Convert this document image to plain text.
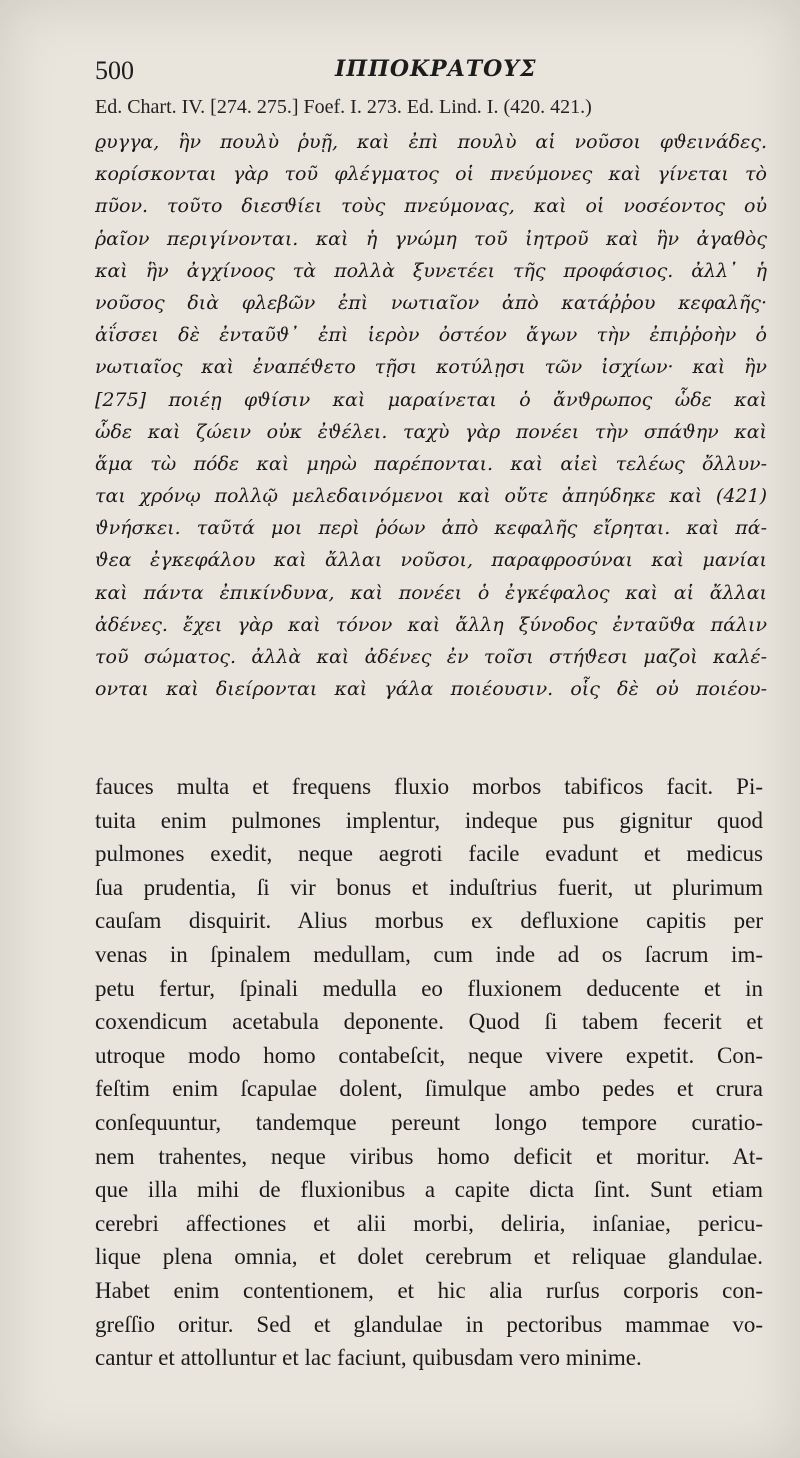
500	ΙΠΠΟΚΡΑΤΟΥΣ
Ed. Chart. IV. [274. 275.] Foef. I. 273. Ed. Lind. I. (420. 421.)
ϱυγγα, ἣν πουλὺ ῥυῇ, καὶ ἐπὶ πουλὺ αἱ νοῦσοι φϑεινάδες.
κορίσκονται γὰρ τοῦ φλέγματος οἱ πνεύμονες καὶ γίνεται τὸ
πῦον. τοῦτο διεσϑίει τοὺς πνεύμονας, καὶ οἱ νοσέοντος οὐ
ῥαῖον περιγίνονται. καὶ ἡ γνώμη τοῦ ἰητροῦ καὶ ἣν ἀγαθὸς
καὶ ἣν ἀγχίνοος τὰ πολλὰ ξυνετέει τῆς προφάσιος. ἀλλ᾿ ἡ
νοῦσος διὰ φλεβῶν ἐπὶ νωτιαῖον ἀπὸ κατάῤῥου κεφαλῆς·
ἀΐσσει δὲ ἐνταῦϑ᾿ ἐπὶ ἱερὸν ὀστέον ἄγων τὴν ἐπιῤῥοὴν ὁ
νωτιαῖος καὶ ἐναπέϑετο τῇσι κοτύλῃσι τῶν ἰσχίων· καὶ ἣν
[275] ποιέῃ φϑίσιν καὶ μαραίνεται ὁ ἄνϑρωπος ὧδε καὶ
ὧδε καὶ ζώειν οὐκ ἐϑέλει. ταχὺ γὰρ πονέει τὴν σπάϑην καὶ
ἅμα τὼ πόδε καὶ μηρὼ παρέπονται. καὶ αἰεὶ τελέως ὄλλυν-
ται χρόνῳ πολλῷ μελεδαινόμενοι καὶ οὔτε ἀπηύδηκε καὶ (421)
ϑνήσκει. ταῦτά μοι περὶ ῥόων ἀπὸ κεφαλῆς εἴρηται. καὶ πά-
ϑεα ἐγκεφάλου καὶ ἄλλαι νοῦσοι, παραφροσύναι καὶ μανίαι
καὶ πάντα ἐπικίνδυνα, καὶ πονέει ὁ ἐγκέφαλος καὶ αἱ ἄλλαι
ἀδένες. ἔχει γὰρ καὶ τόνον καὶ ἄλλη ξύνοδος ἐνταῦϑα πάλιν
τοῦ σώματος. ἀλλὰ καὶ ἀδένες ἐν τοῖσι στήϑεσι μαζοὶ καλέ-
ονται καὶ διείρονται καὶ γάλα ποιέουσιν. οἷς δὲ οὐ ποιέου-
fauces multa et frequens fluxio morbos tabificos facit. Pi-
tuita enim pulmones implentur, indeque pus gignitur quod
pulmones exedit, neque aegroti facile evadunt et medicus
ſua prudentia, ſi vir bonus et induſtrius fuerit, ut plurimum
cauſam disquirit. Alius morbus ex defluxione capitis per
venas in ſpinalem medullam, cum inde ad os ſacrum im-
petu fertur, ſpinali medulla eo fluxionem deducente et in
coxendicum acetabula deponente. Quod ſi tabem fecerit et
utroque modo homo contabeſcit, neque vivere expetit. Con-
feſtim enim ſcapulae dolent, ſimulque ambo pedes et crura
conſequuntur, tandemque pereunt longo tempore curatio-
nem trahentes, neque viribus homo deficit et moritur. At-
que illa mihi de fluxionibus a capite dicta ſint. Sunt etiam
cerebri affectiones et alii morbi, deliria, inſaniae, pericu-
lique plena omnia, et dolet cerebrum et reliquae glandulae.
Habet enim contentionem, et hic alia rurſus corporis con-
greſſio oritur. Sed et glandulae in pectoribus mammae vo-
cantur et attolluntur et lac faciunt, quibusdam vero minime.
